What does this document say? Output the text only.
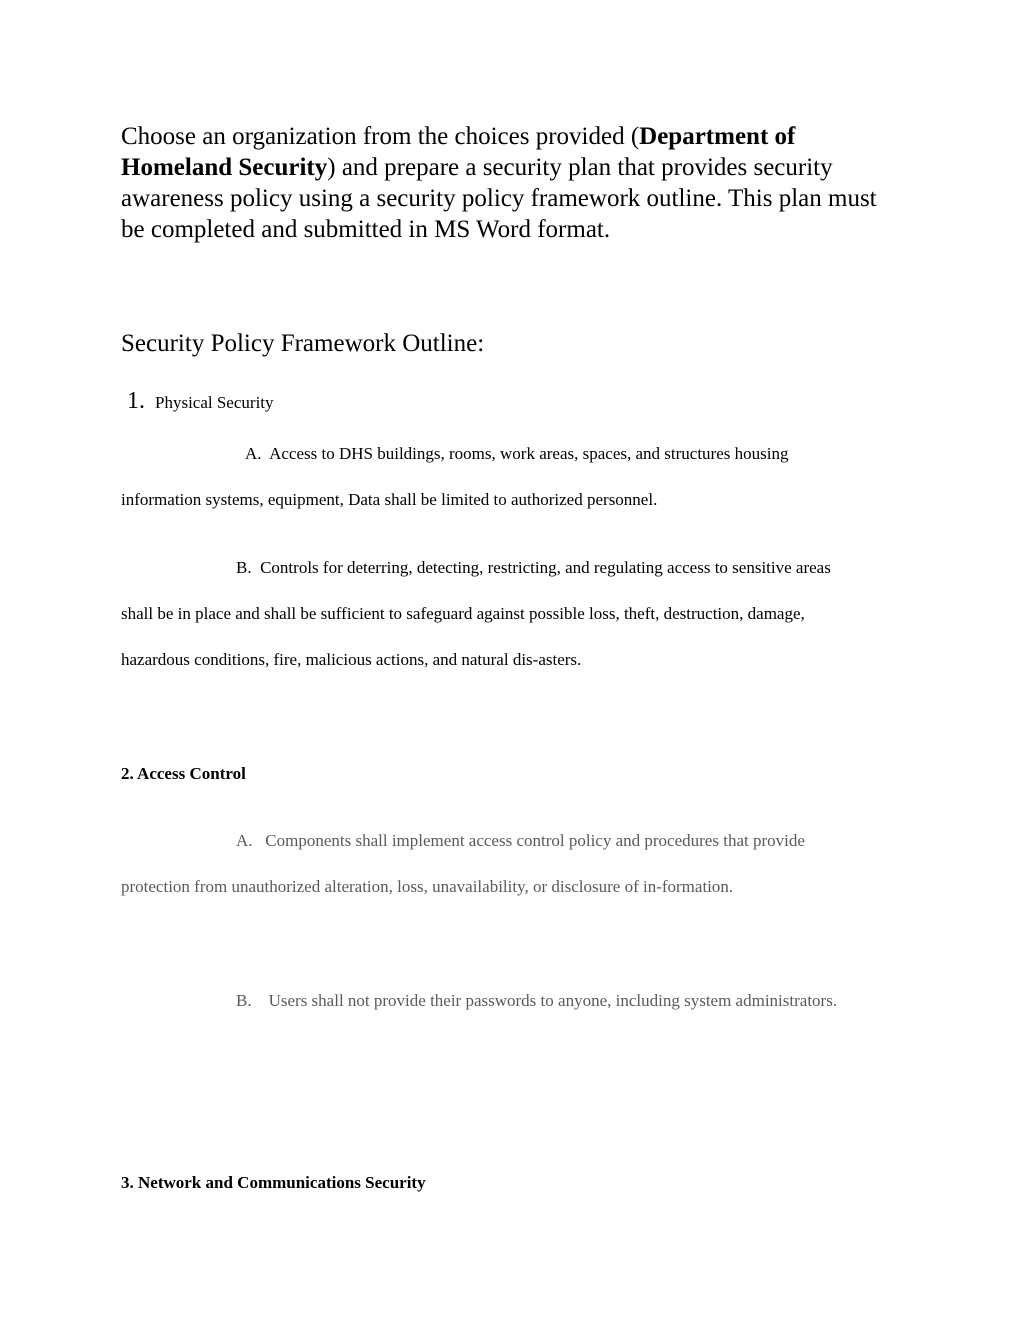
Choose an organization from the choices provided (Department of Homeland Security) and prepare a security plan that provides security awareness policy using a security policy framework outline. This plan must be completed and submitted in MS Word format.

Security Policy Framework Outline:

1. Physical Security

A. Access to DHS buildings, rooms, work areas, spaces, and structures housing information systems, equipment, Data shall be limited to authorized personnel.

B. Controls for deterring, detecting, restricting, and regulating access to sensitive areas shall be in place and shall be sufficient to safeguard against possible loss, theft, destruction, damage, hazardous conditions, fire, malicious actions, and natural dis-asters.

2. Access Control

A. Components shall implement access control policy and procedures that provide protection from unauthorized alteration, loss, unavailability, or disclosure of in-formation.

B. Users shall not provide their passwords to anyone, including system administrators.

3. Network and Communications Security
